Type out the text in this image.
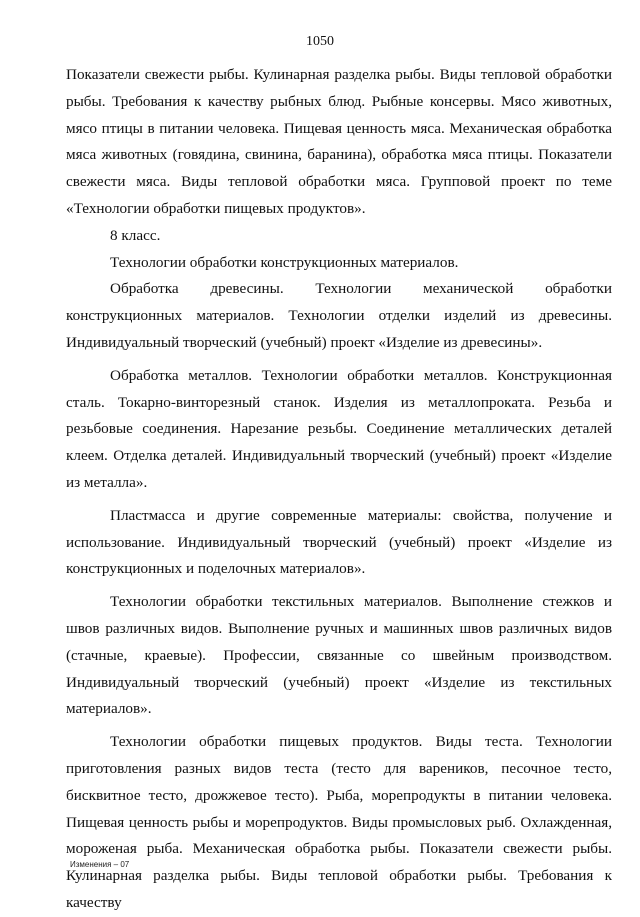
1050

Показатели свежести рыбы. Кулинарная разделка рыбы. Виды тепловой обработки рыбы. Требования к качеству рыбных блюд. Рыбные консервы. Мясо животных, мясо птицы в питании человека. Пищевая ценность мяса. Механическая обработка мяса животных (говядина, свинина, баранина), обработка мяса птицы. Показатели свежести мяса. Виды тепловой обработки мяса. Групповой проект по теме «Технологии обработки пищевых продуктов».

8 класс.

Технологии обработки конструкционных материалов.

Обработка древесины. Технологии механической обработки конструкционных материалов. Технологии отделки изделий из древесины. Индивидуальный творческий (учебный) проект «Изделие из древесины».

Обработка металлов. Технологии обработки металлов. Конструкционная сталь. Токарно-винторезный станок. Изделия из металлопроката. Резьба и резьбовые соединения. Нарезание резьбы. Соединение металлических деталей клеем. Отделка деталей. Индивидуальный творческий (учебный) проект «Изделие из металла».

Пластмасса и другие современные материалы: свойства, получение и использование. Индивидуальный творческий (учебный) проект «Изделие из конструкционных и поделочных материалов».

Технологии обработки текстильных материалов. Выполнение стежков и швов различных видов. Выполнение ручных и машинных швов различных видов (стачные, краевые). Профессии, связанные со швейным производством. Индивидуальный творческий (учебный) проект «Изделие из текстильных материалов».

Технологии обработки пищевых продуктов. Виды теста. Технологии приготовления разных видов теста (тесто для вареников, песочное тесто, бисквитное тесто, дрожжевое тесто). Рыба, морепродукты в питании человека. Пищевая ценность рыбы и морепродуктов. Виды промысловых рыб. Охлажденная, мороженая рыба. Механическая обработка рыбы. Показатели свежести рыбы. Кулинарная разделка рыбы. Виды тепловой обработки рыбы. Требования к качеству

Изменения – 07
